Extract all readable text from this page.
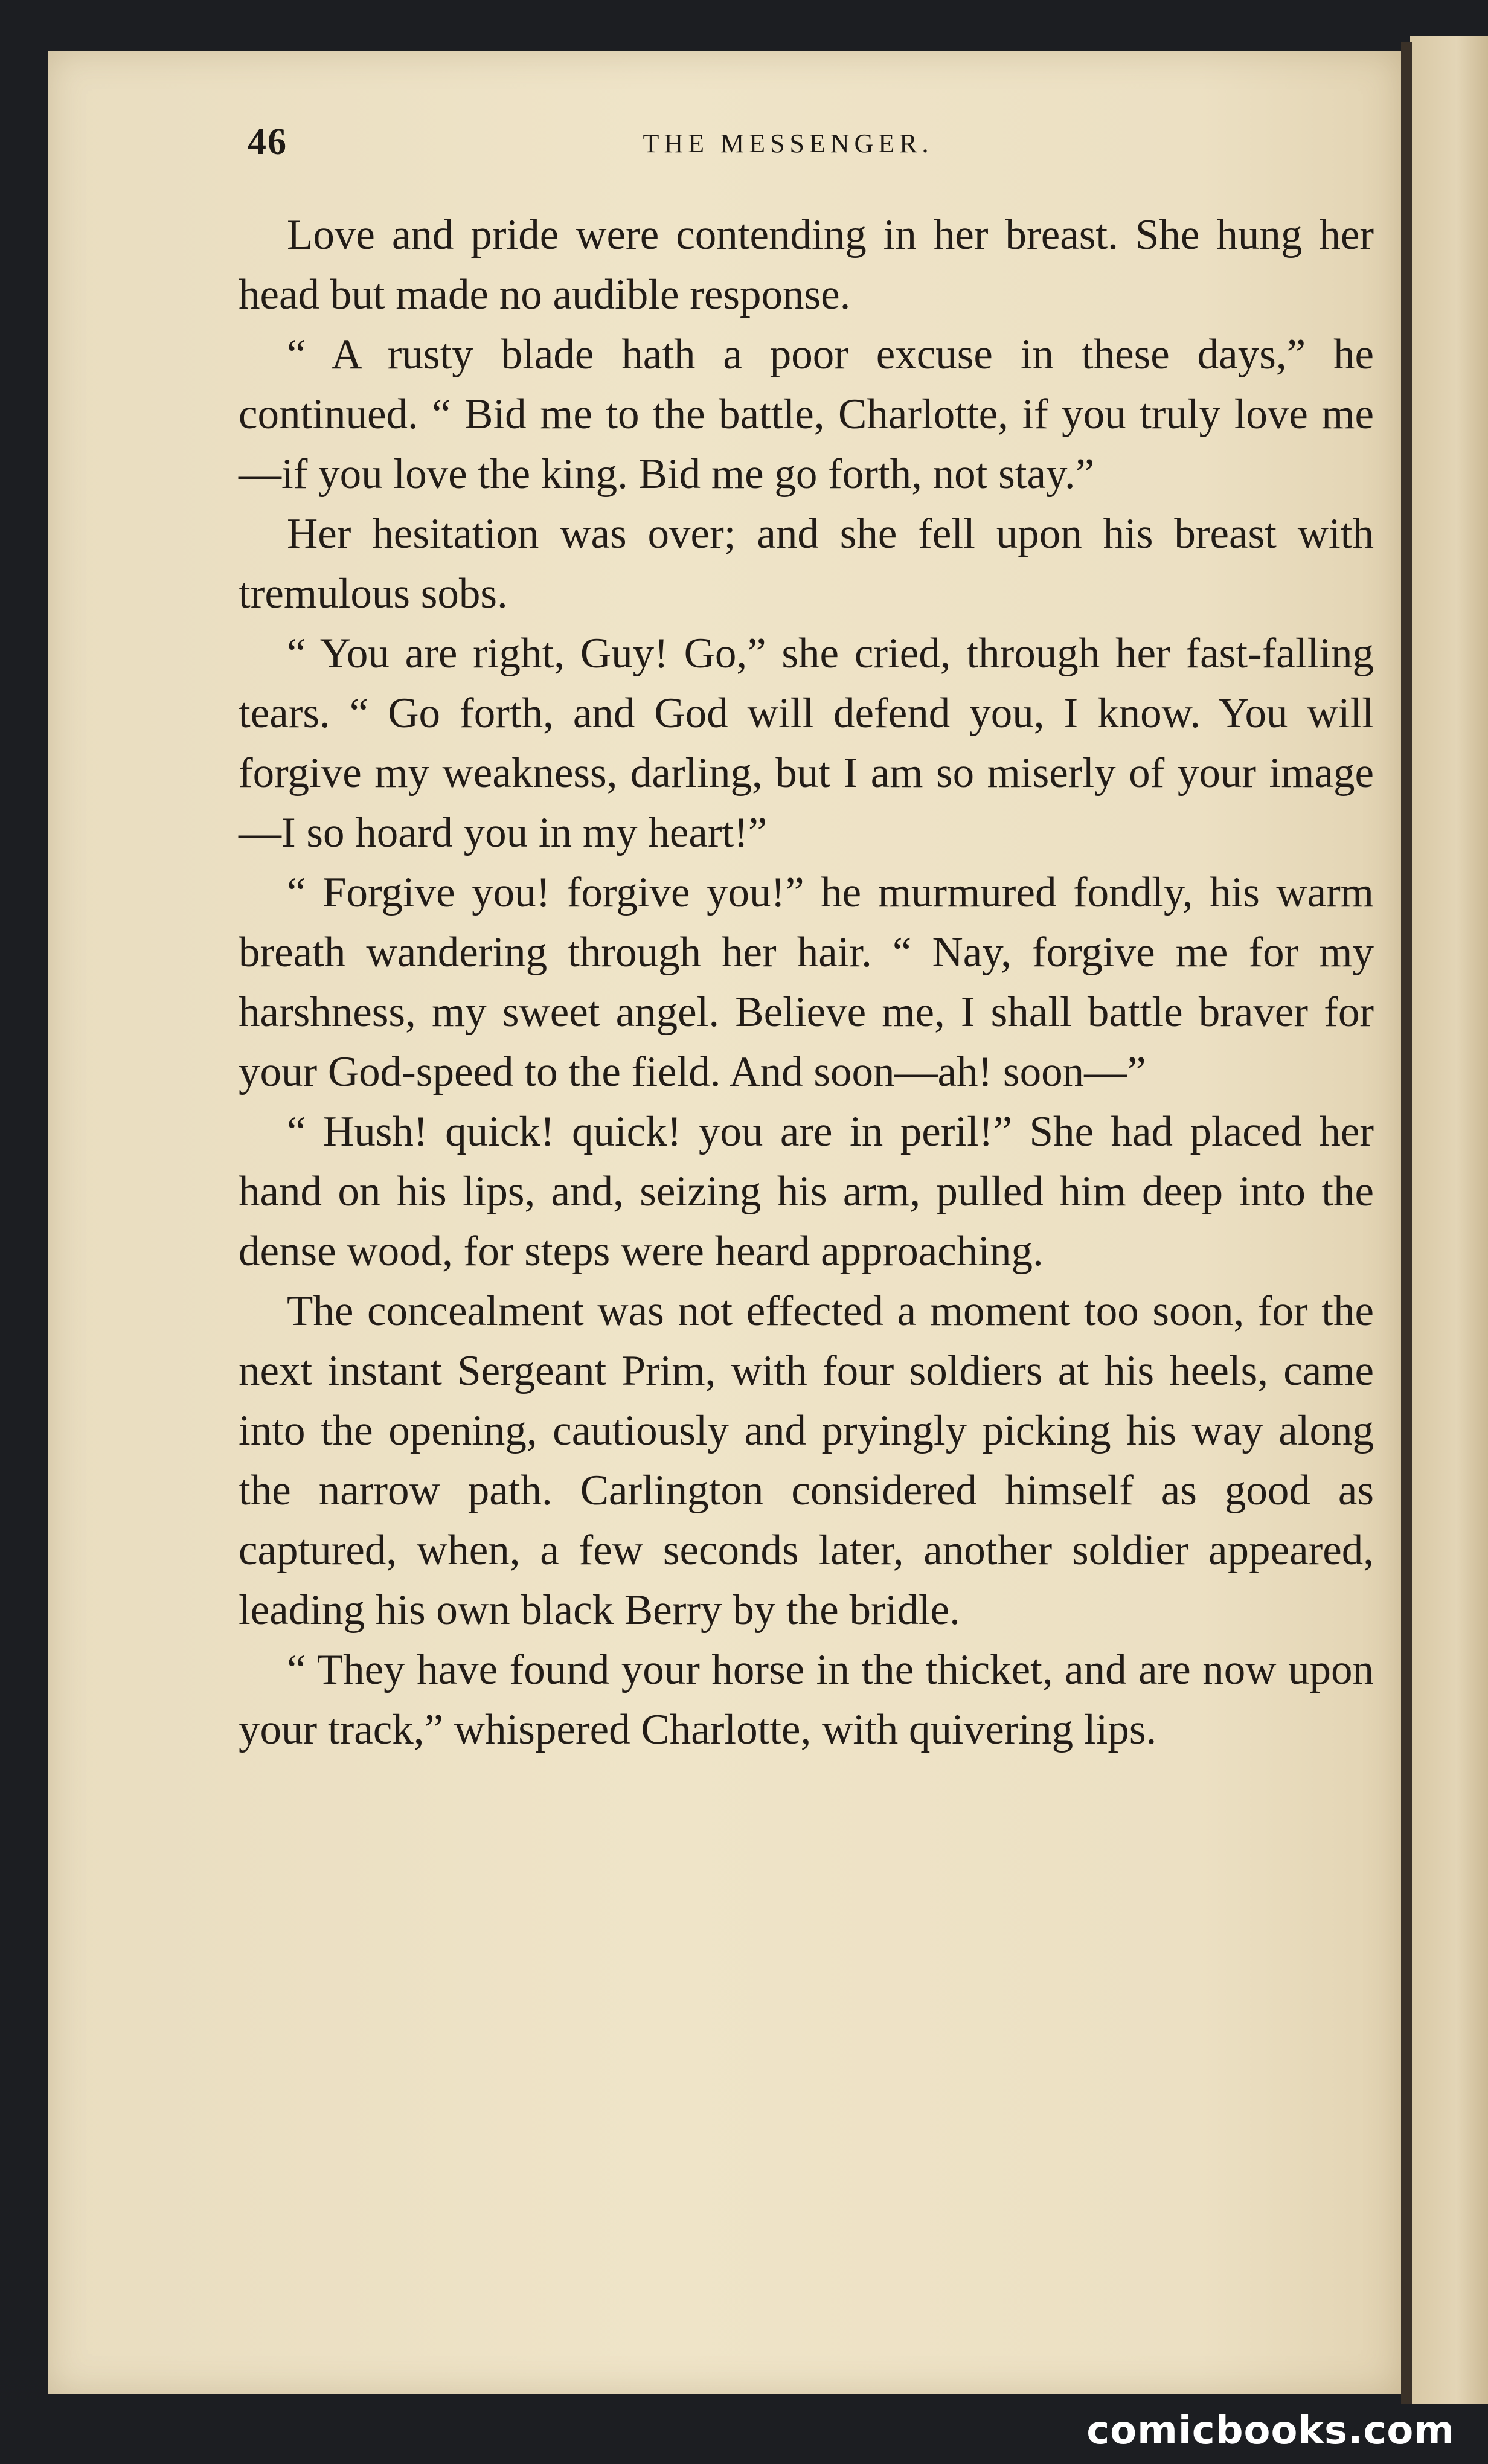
46	THE MESSENGER.

Love and pride were contending in her breast. She hung her head but made no audible response.

“ A rusty blade hath a poor excuse in these days,” he continued. “ Bid me to the battle, Charlotte, if you truly love me—if you love the king. Bid me go forth, not stay.”

Her hesitation was over; and she fell upon his breast with tremulous sobs.

“ You are right, Guy! Go,” she cried, through her fast-falling tears. “ Go forth, and God will defend you, I know. You will forgive my weakness, darling, but I am so miserly of your image—I so hoard you in my heart!”

“ Forgive you! forgive you!” he murmured fondly, his warm breath wandering through her hair. “ Nay, forgive me for my harshness, my sweet angel. Believe me, I shall battle braver for your God-speed to the field. And soon—ah! soon—”

“ Hush! quick! quick! you are in peril!” She had placed her hand on his lips, and, seizing his arm, pulled him deep into the dense wood, for steps were heard approaching.

The concealment was not effected a moment too soon, for the next instant Sergeant Prim, with four soldiers at his heels, came into the opening, cautiously and pryingly picking his way along the narrow path. Carlington considered himself as good as captured, when, a few seconds later, another soldier appeared, leading his own black Berry by the bridle.

“ They have found your horse in the thicket, and are now upon your track,” whispered Charlotte, with quivering lips.

comicbooks.com
